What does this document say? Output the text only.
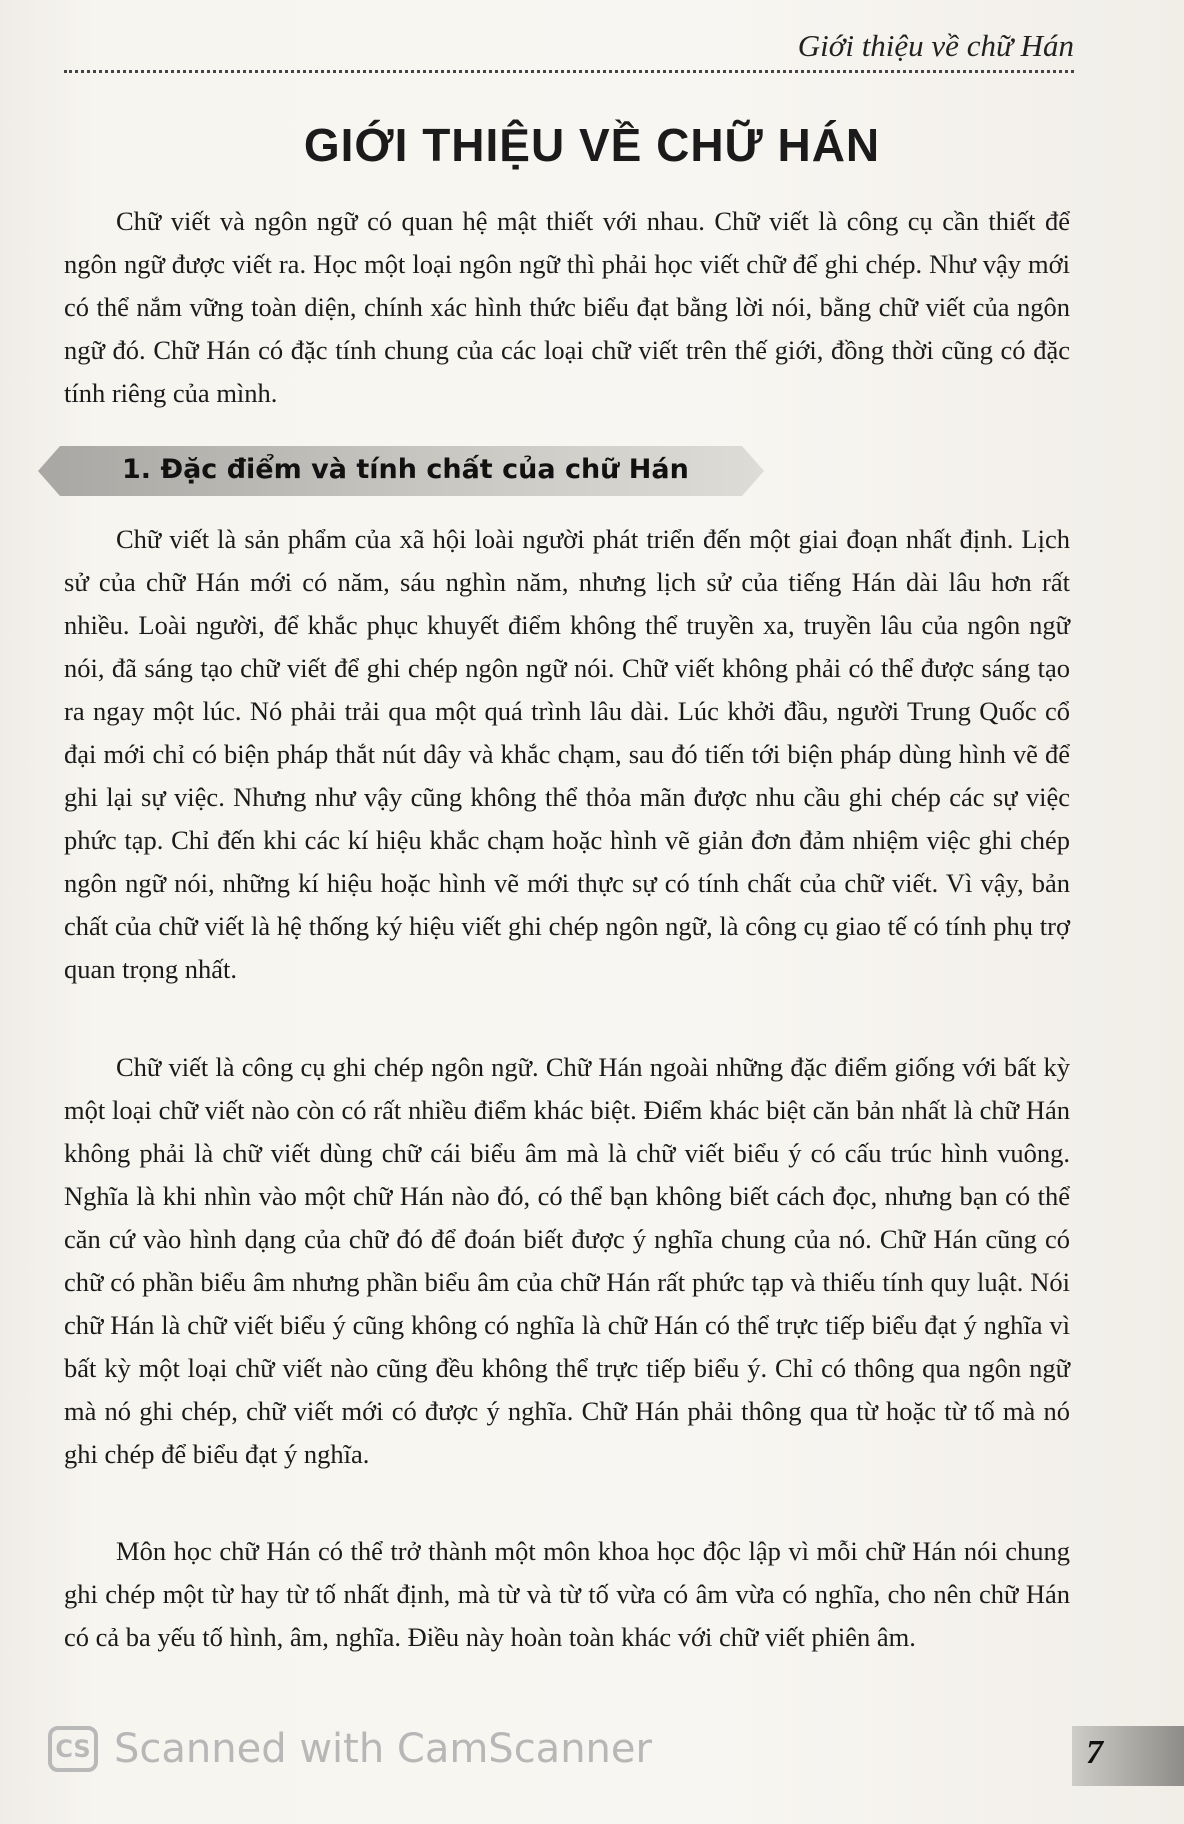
Giới thiệu về chữ Hán
GIỚI THIỆU VỀ CHỮ HÁN

Chữ viết và ngôn ngữ có quan hệ mật thiết với nhau. Chữ viết là công cụ cần thiết để ngôn ngữ được viết ra. Học một loại ngôn ngữ thì phải học viết chữ để ghi chép. Như vậy mới có thể nắm vững toàn diện, chính xác hình thức biểu đạt bằng lời nói, bằng chữ viết của ngôn ngữ đó. Chữ Hán có đặc tính chung của các loại chữ viết trên thế giới, đồng thời cũng có đặc tính riêng của mình.

1. Đặc điểm và tính chất của chữ Hán

Chữ viết là sản phẩm của xã hội loài người phát triển đến một giai đoạn nhất định. Lịch sử của chữ Hán mới có năm, sáu nghìn năm, nhưng lịch sử của tiếng Hán dài lâu hơn rất nhiều. Loài người, để khắc phục khuyết điểm không thể truyền xa, truyền lâu của ngôn ngữ nói, đã sáng tạo chữ viết để ghi chép ngôn ngữ nói. Chữ viết không phải có thể được sáng tạo ra ngay một lúc. Nó phải trải qua một quá trình lâu dài. Lúc khởi đầu, người Trung Quốc cổ đại mới chỉ có biện pháp thắt nút dây và khắc chạm, sau đó tiến tới biện pháp dùng hình vẽ để ghi lại sự việc. Nhưng như vậy cũng không thể thỏa mãn được nhu cầu ghi chép các sự việc phức tạp. Chỉ đến khi các kí hiệu khắc chạm hoặc hình vẽ giản đơn đảm nhiệm việc ghi chép ngôn ngữ nói, những kí hiệu hoặc hình vẽ mới thực sự có tính chất của chữ viết. Vì vậy, bản chất của chữ viết là hệ thống ký hiệu viết ghi chép ngôn ngữ, là công cụ giao tế có tính phụ trợ quan trọng nhất.

Chữ viết là công cụ ghi chép ngôn ngữ. Chữ Hán ngoài những đặc điểm giống với bất kỳ một loại chữ viết nào còn có rất nhiều điểm khác biệt. Điểm khác biệt căn bản nhất là chữ Hán không phải là chữ viết dùng chữ cái biểu âm mà là chữ viết biểu ý có cấu trúc hình vuông. Nghĩa là khi nhìn vào một chữ Hán nào đó, có thể bạn không biết cách đọc, nhưng bạn có thể căn cứ vào hình dạng của chữ đó để đoán biết được ý nghĩa chung của nó. Chữ Hán cũng có chữ có phần biểu âm nhưng phần biểu âm của chữ Hán rất phức tạp và thiếu tính quy luật. Nói chữ Hán là chữ viết biểu ý cũng không có nghĩa là chữ Hán có thể trực tiếp biểu đạt ý nghĩa vì bất kỳ một loại chữ viết nào cũng đều không thể trực tiếp biểu ý. Chỉ có thông qua ngôn ngữ mà nó ghi chép, chữ viết mới có được ý nghĩa. Chữ Hán phải thông qua từ hoặc từ tố mà nó ghi chép để biểu đạt ý nghĩa.

Môn học chữ Hán có thể trở thành một môn khoa học độc lập vì mỗi chữ Hán nói chung ghi chép một từ hay từ tố nhất định, mà từ và từ tố vừa có âm vừa có nghĩa, cho nên chữ Hán có cả ba yếu tố hình, âm, nghĩa. Điều này hoàn toàn khác với chữ viết phiên âm.

CS Scanned with CamScanner	7
